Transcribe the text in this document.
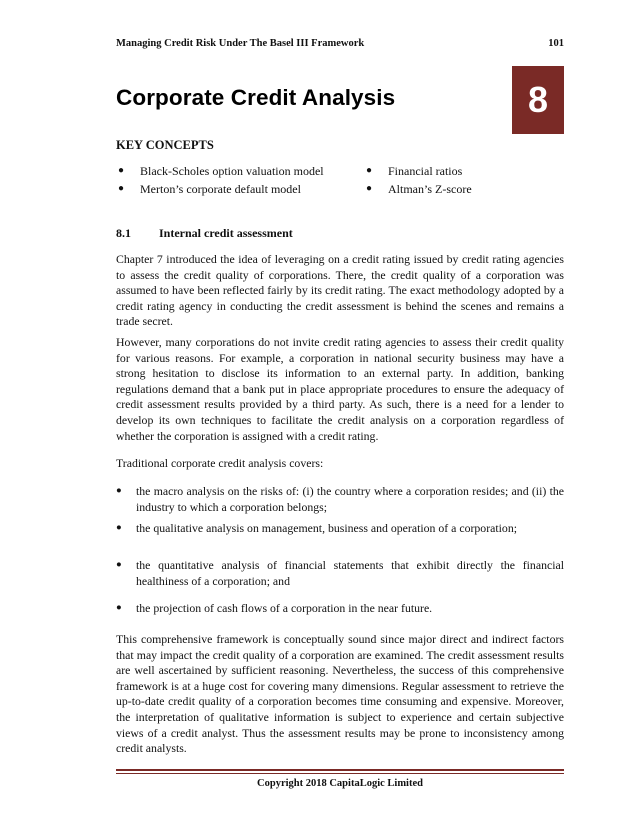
Managing Credit Risk Under The Basel III Framework	101
Corporate Credit Analysis	8
KEY CONCEPTS
● Black-Scholes option valuation model
● Merton’s corporate default model
● Financial ratios
● Altman’s Z-score
8.1 Internal credit assessment

Chapter 7 introduced the idea of leveraging on a credit rating issued by credit rating agencies to assess the credit quality of corporations. There, the credit quality of a corporation was assumed to have been reflected fairly by its credit rating. The exact methodology adopted by a credit rating agency in conducting the credit assessment is behind the scenes and remains a trade secret.

However, many corporations do not invite credit rating agencies to assess their credit quality for various reasons. For example, a corporation in national security business may have a strong hesitation to disclose its information to an external party. In addition, banking regulations demand that a bank put in place appropriate procedures to ensure the adequacy of credit assessment results provided by a third party. As such, there is a need for a lender to develop its own techniques to facilitate the credit analysis on a corporation regardless of whether the corporation is assigned with a credit rating.

Traditional corporate credit analysis covers:

● the macro analysis on the risks of: (i) the country where a corporation resides; and (ii) the industry to which a corporation belongs;
● the qualitative analysis on management, business and operation of a corporation;
● the quantitative analysis of financial statements that exhibit directly the financial healthiness of a corporation; and
● the projection of cash flows of a corporation in the near future.

This comprehensive framework is conceptually sound since major direct and indirect factors that may impact the credit quality of a corporation are examined. The credit assessment results are well ascertained by sufficient reasoning. Nevertheless, the success of this comprehensive framework is at a huge cost for covering many dimensions. Regular assessment to retrieve the up-to-date credit quality of a corporation becomes time consuming and expensive. Moreover, the interpretation of qualitative information is subject to experience and certain subjective views of a credit analyst. Thus the assessment results may be prone to inconsistency among credit analysts.

Copyright 2018 CapitaLogic Limited
